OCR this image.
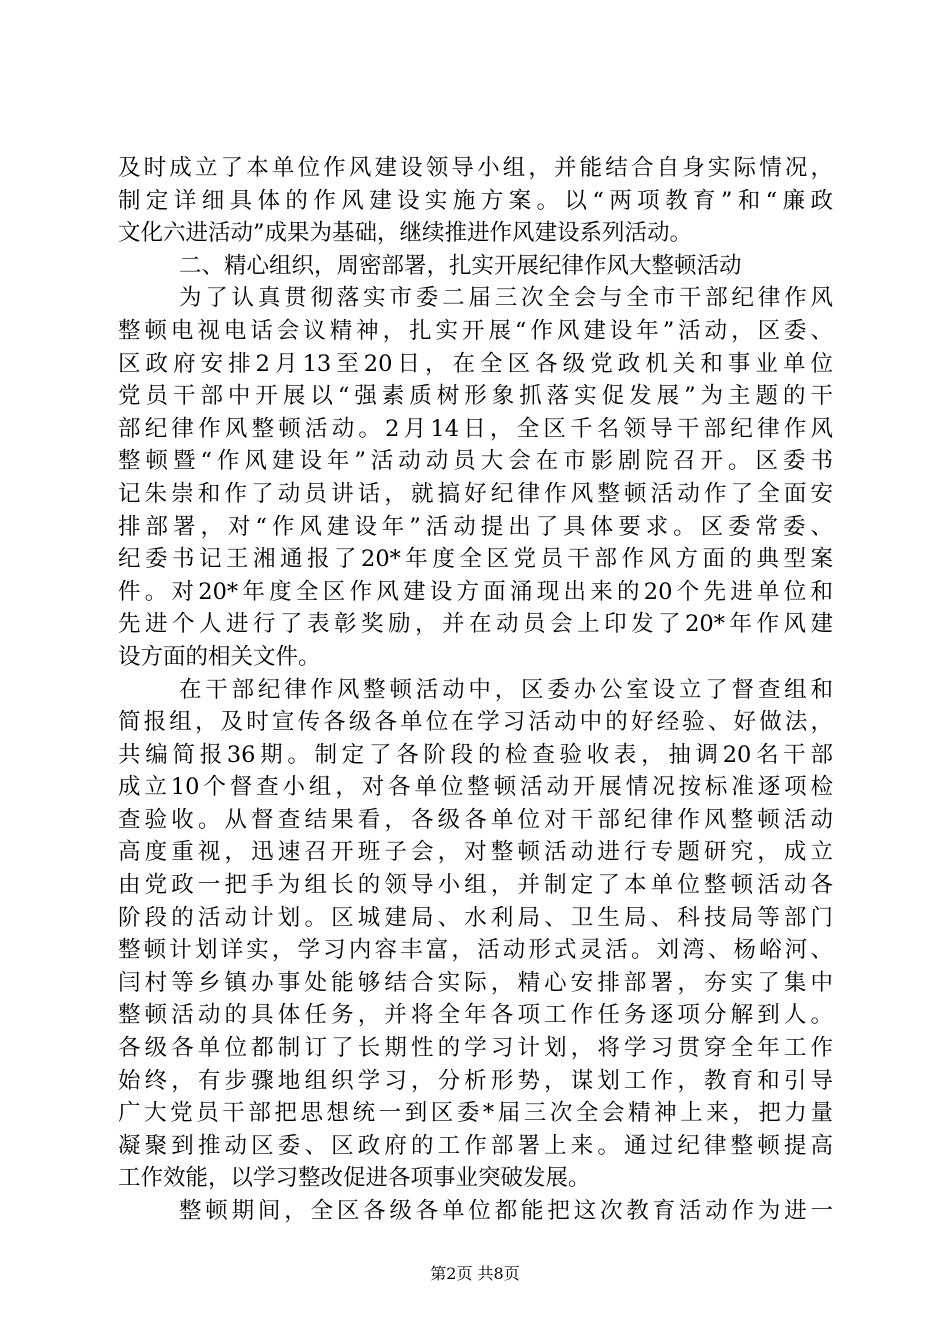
及时成立了本单位作风建设领导小组，并能结合自身实际情况，
制定详细具体的作风建设实施方案。以“两项教育”和“廉政
文化六进活动”成果为基础，继续推进作风建设系列活动。
二、精心组织，周密部署，扎实开展纪律作风大整顿活动
为了认真贯彻落实市委二届三次全会与全市干部纪律作风
整顿电视电话会议精神，扎实开展“作风建设年”活动，区委、
区政府安排2月13至20日，在全区各级党政机关和事业单位
党员干部中开展以“强素质树形象抓落实促发展”为主题的干
部纪律作风整顿活动。2月14日，全区千名领导干部纪律作风
整顿暨“作风建设年”活动动员大会在市影剧院召开。区委书
记朱崇和作了动员讲话，就搞好纪律作风整顿活动作了全面安
排部署，对“作风建设年”活动提出了具体要求。区委常委、
纪委书记王湘通报了20*年度全区党员干部作风方面的典型案
件。对20*年度全区作风建设方面涌现出来的20个先进单位和
先进个人进行了表彰奖励，并在动员会上印发了20*年作风建
设方面的相关文件。
在干部纪律作风整顿活动中，区委办公室设立了督查组和
简报组，及时宣传各级各单位在学习活动中的好经验、好做法，
共编简报36期。制定了各阶段的检查验收表，抽调20名干部
成立10个督查小组，对各单位整顿活动开展情况按标准逐项检
查验收。从督查结果看，各级各单位对干部纪律作风整顿活动
高度重视，迅速召开班子会，对整顿活动进行专题研究，成立
由党政一把手为组长的领导小组，并制定了本单位整顿活动各
阶段的活动计划。区城建局、水利局、卫生局、科技局等部门
整顿计划详实，学习内容丰富，活动形式灵活。刘湾、杨峪河、
闫村等乡镇办事处能够结合实际，精心安排部署，夯实了集中
整顿活动的具体任务，并将全年各项工作任务逐项分解到人。
各级各单位都制订了长期性的学习计划，将学习贯穿全年工作
始终，有步骤地组织学习，分析形势，谋划工作，教育和引导
广大党员干部把思想统一到区委*届三次全会精神上来，把力量
凝聚到推动区委、区政府的工作部署上来。通过纪律整顿提高
工作效能，以学习整改促进各项事业突破发展。
整顿期间，全区各级各单位都能把这次教育活动作为进一
第2页 共8页
